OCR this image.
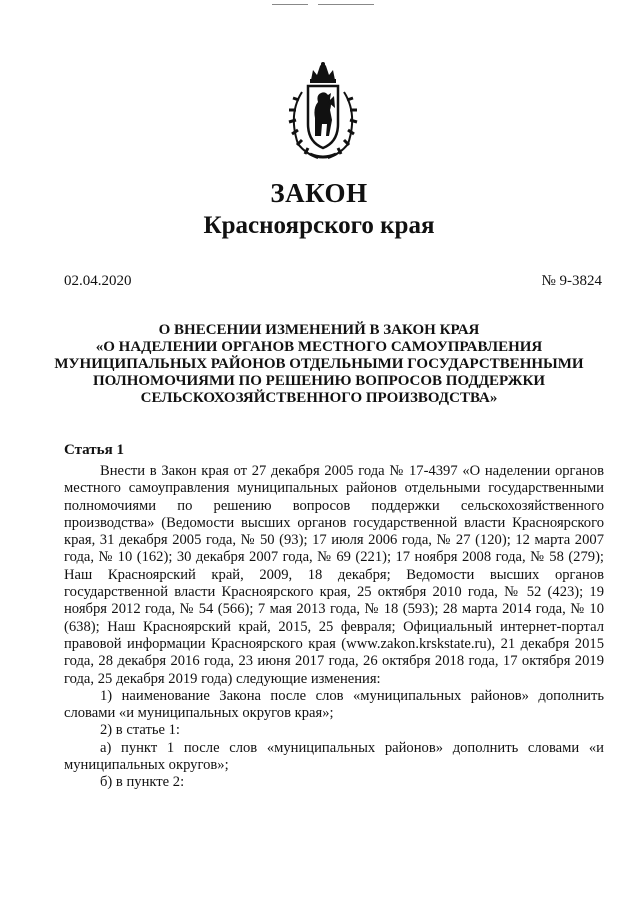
ЗАКОН
Красноярского края
02.04.2020	№ 9-3824
О ВНЕСЕНИИ ИЗМЕНЕНИЙ В ЗАКОН КРАЯ
«О НАДЕЛЕНИИ ОРГАНОВ МЕСТНОГО САМОУПРАВЛЕНИЯ
МУНИЦИПАЛЬНЫХ РАЙОНОВ ОТДЕЛЬНЫМИ ГОСУДАРСТВЕННЫМИ
ПОЛНОМОЧИЯМИ ПО РЕШЕНИЮ ВОПРОСОВ ПОДДЕРЖКИ
СЕЛЬСКОХОЗЯЙСТВЕННОГО ПРОИЗВОДСТВА»
Статья 1

Внести в Закон края от 27 декабря 2005 года № 17-4397 «О наделении органов местного самоуправления муниципальных районов отдельными государственными полномочиями по решению вопросов поддержки сельскохозяйственного производства» (Ведомости высших органов государственной власти Красноярского края, 31 декабря 2005 года, № 50 (93); 17 июля 2006 года, № 27 (120); 12 марта 2007 года, № 10 (162); 30 декабря 2007 года, № 69 (221); 17 ноября 2008 года, № 58 (279); Наш Красноярский край, 2009, 18 декабря; Ведомости высших органов государственной власти Красноярского края, 25 октября 2010 года, № 52 (423); 19 ноября 2012 года, № 54 (566); 7 мая 2013 года, № 18 (593); 28 марта 2014 года, № 10 (638); Наш Красноярский край, 2015, 25 февраля; Официальный интернет-портал правовой информации Красноярского края (www.zakon.krskstate.ru), 21 декабря 2015 года, 28 декабря 2016 года, 23 июня 2017 года, 26 октября 2018 года, 17 октября 2019 года, 25 декабря 2019 года) следующие изменения:

1) наименование Закона после слов «муниципальных районов» дополнить словами «и муниципальных округов края»;

2) в статье 1:

а) пункт 1 после слов «муниципальных районов» дополнить словами «и муниципальных округов»;

б) в пункте 2:
